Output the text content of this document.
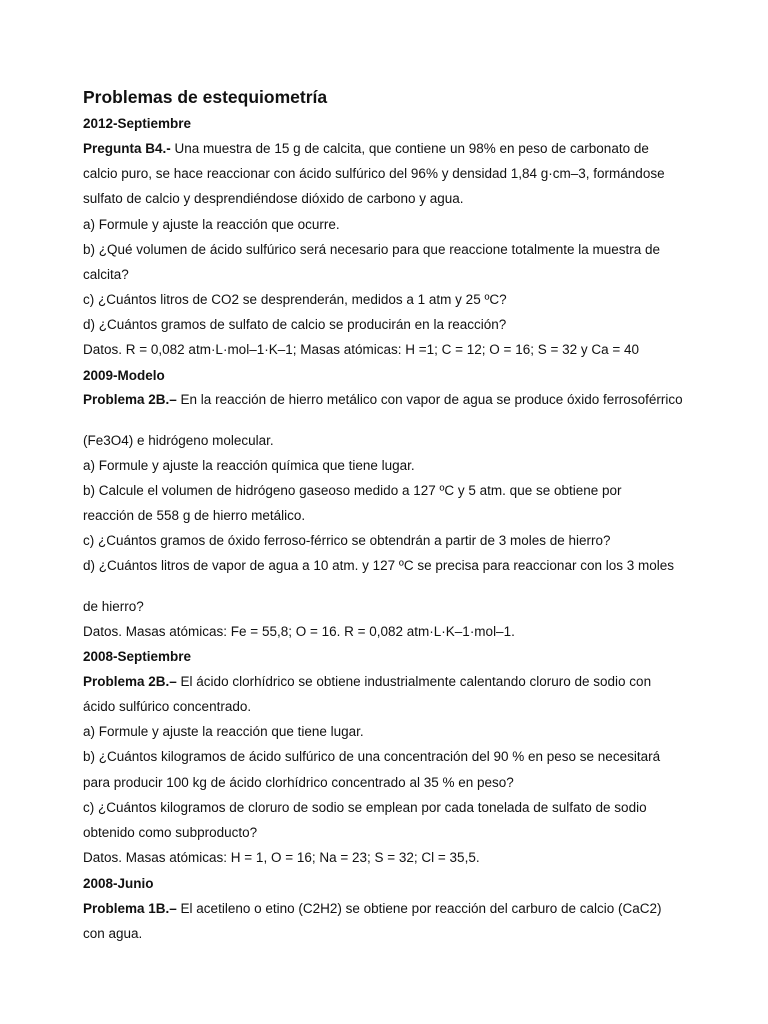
Problemas de estequiometría
2012-Septiembre
Pregunta B4.- Una muestra de 15 g de calcita, que contiene un 98% en peso de carbonato de
calcio puro, se hace reaccionar con ácido sulfúrico del 96% y densidad 1,84 g·cm–3, formándose
sulfato de calcio y desprendiéndose dióxido de carbono y agua.
a) Formule y ajuste la reacción que ocurre.
b) ¿Qué volumen de ácido sulfúrico será necesario para que reaccione totalmente la muestra de
calcita?
c) ¿Cuántos litros de CO2 se desprenderán, medidos a 1 atm y 25 ºC?
d) ¿Cuántos gramos de sulfato de calcio se producirán en la reacción?
Datos. R = 0,082 atm·L·mol–1·K–1; Masas atómicas: H =1; C = 12; O = 16; S = 32 y Ca = 40
2009-Modelo
Problema 2B.– En la reacción de hierro metálico con vapor de agua se produce óxido ferrosoférrico
(Fe3O4) e hidrógeno molecular.
a) Formule y ajuste la reacción química que tiene lugar.
b) Calcule el volumen de hidrógeno gaseoso medido a 127 ºC y 5 atm. que se obtiene por
reacción de 558 g de hierro metálico.
c) ¿Cuántos gramos de óxido ferroso-férrico se obtendrán a partir de 3 moles de hierro?
d) ¿Cuántos litros de vapor de agua a 10 atm. y 127 ºC se precisa para reaccionar con los 3 moles
de hierro?
Datos. Masas atómicas: Fe = 55,8; O = 16. R = 0,082 atm·L·K–1·mol–1.
2008-Septiembre
Problema 2B.– El ácido clorhídrico se obtiene industrialmente calentando cloruro de sodio con
ácido sulfúrico concentrado.
a) Formule y ajuste la reacción que tiene lugar.
b) ¿Cuántos kilogramos de ácido sulfúrico de una concentración del 90 % en peso se necesitará
para producir 100 kg de ácido clorhídrico concentrado al 35 % en peso?
c) ¿Cuántos kilogramos de cloruro de sodio se emplean por cada tonelada de sulfato de sodio
obtenido como subproducto?
Datos. Masas atómicas: H = 1, O = 16; Na = 23; S = 32; Cl = 35,5.
2008-Junio
Problema 1B.– El acetileno o etino (C2H2) se obtiene por reacción del carburo de calcio (CaC2)
con agua.
